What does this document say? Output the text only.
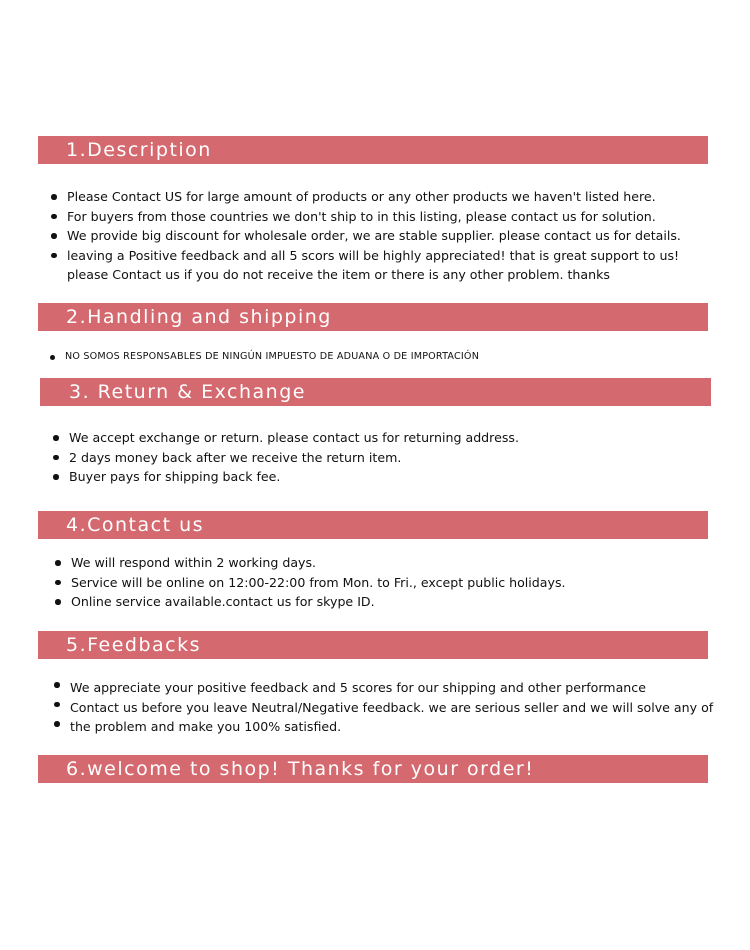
1.Description
Please Contact US for large amount of products or any other products we haven't listed here.
For buyers from those countries we don't ship to in this listing, please contact us for solution.
We provide big discount for wholesale order, we are stable supplier. please contact us for details.
leaving a Positive feedback and all 5 scors will be highly appreciated! that is great support to us!
please Contact us if you do not receive the item or there is any other problem. thanks
2.Handling and shipping
NO SOMOS RESPONSABLES DE NINGÚN IMPUESTO DE ADUANA O DE IMPORTACIÓN
3. Return & Exchange
We accept exchange or return. please contact us for returning address.
2 days money back after we receive the return item.
Buyer pays for shipping back fee.
4.Contact us
We will respond within 2 working days.
Service will be online on 12:00-22:00 from Mon. to Fri., except public holidays.
Online service available.contact us for skype ID.
5.Feedbacks
We appreciate your positive feedback and 5 scores for our shipping and other performance
Contact us before you leave Neutral/Negative feedback. we are serious seller and we will solve any of
the problem and make you 100% satisfied.
6.welcome to shop! Thanks for your order!
